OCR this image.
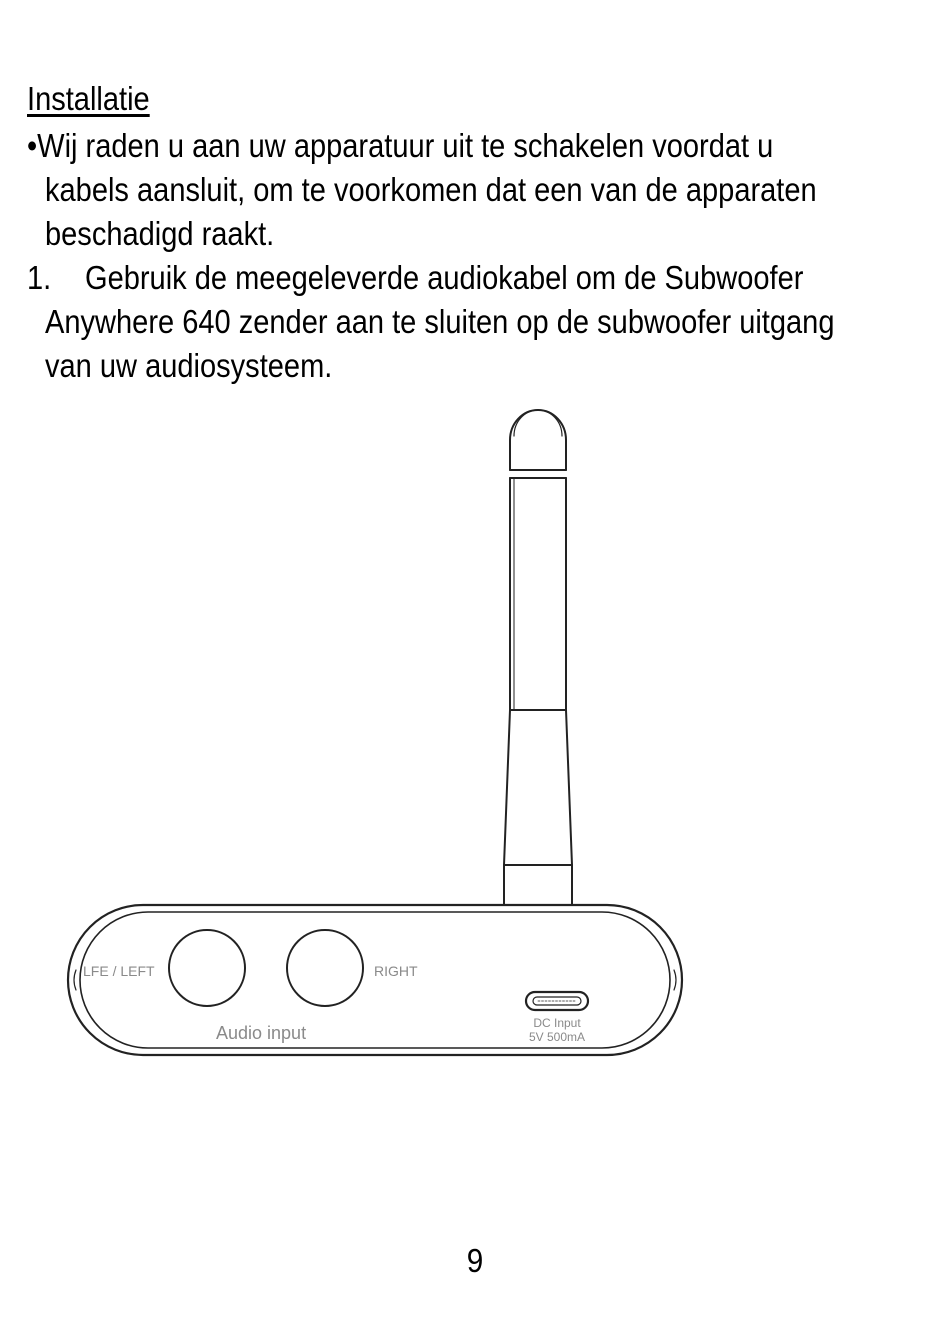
Installatie
•Wij raden u aan uw apparatuur uit te schakelen voordat u
kabels aansluit, om te voorkomen dat een van de apparaten
beschadigd raakt.
1. Gebruik de meegeleverde audiokabel om de Subwoofer
Anywhere 640 zender aan te sluiten op de subwoofer uitgang
van uw audiosysteem.
LFE / LEFT	RIGHT
Audio input	DC Input
5V 500mA
9
